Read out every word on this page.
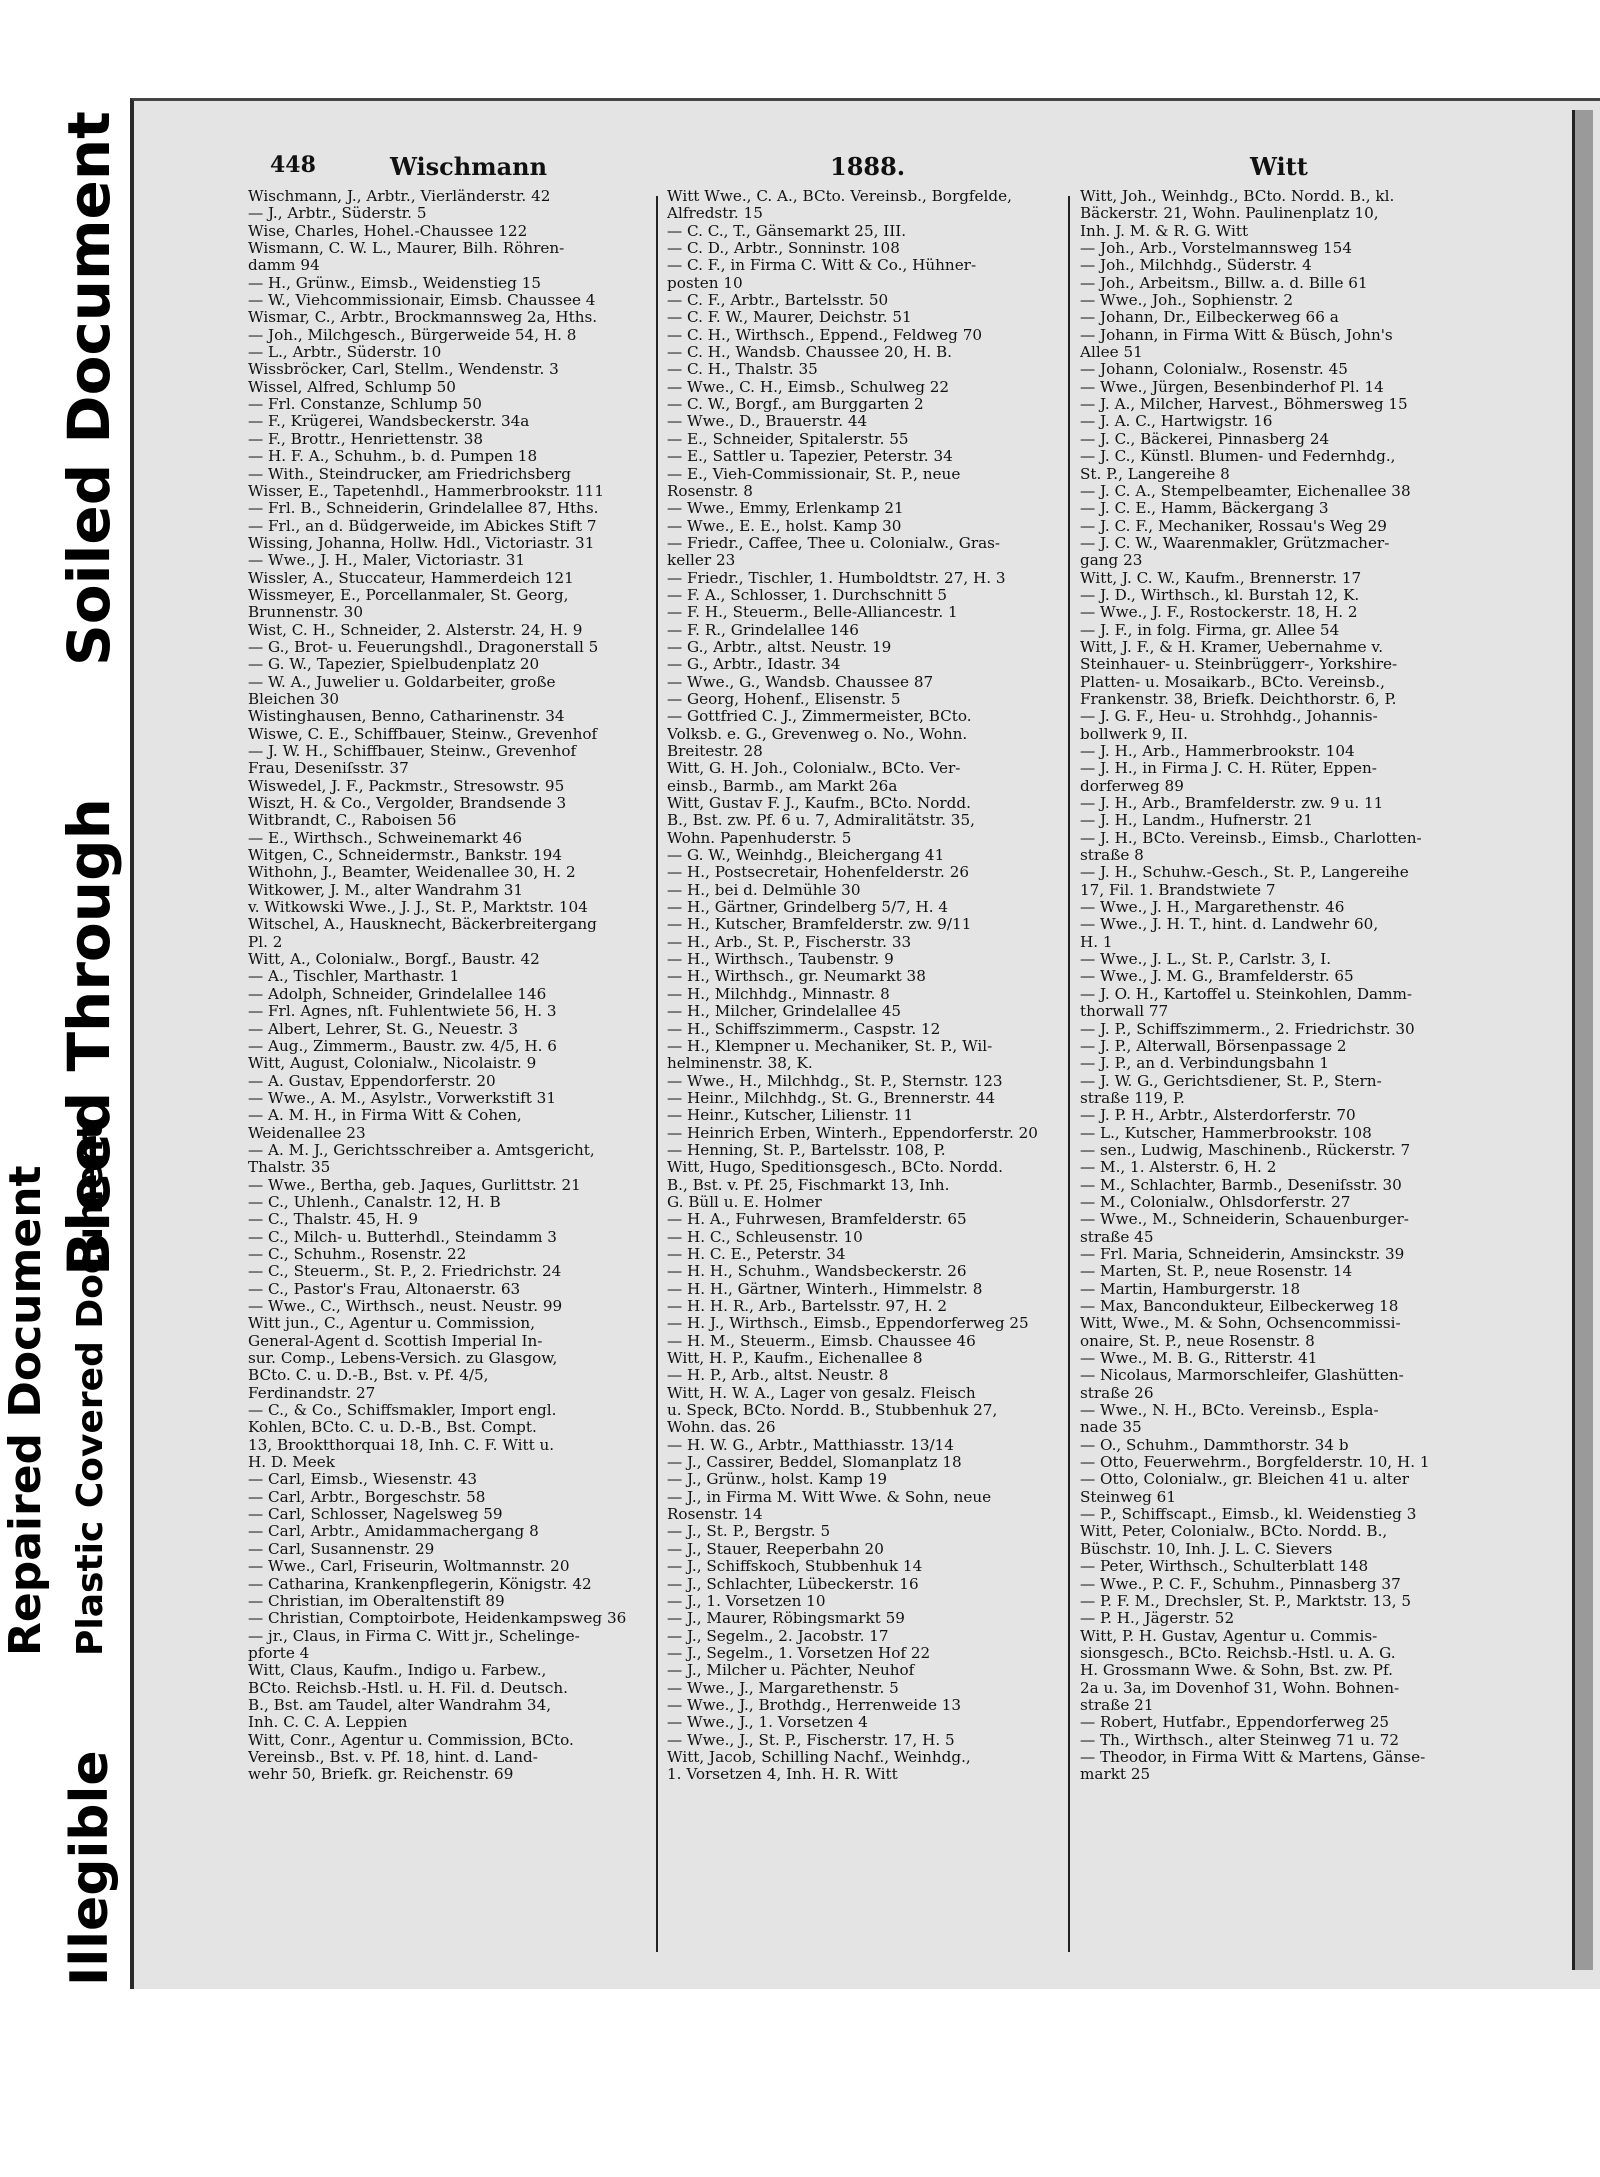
Illegible
Repaired Document Plastic Covered Document
Bleed Through
Soiled Document	448	Wischmann	1888.	Witt
Wischmann, J., Arbtr., Vierländerstr. 42
— J., Arbtr., Süderstr. 5
Wise, Charles, Hohel.-Chaussee 122
Wismann, C. W. L., Maurer, Bilh. Röhren-
damm 94
— H., Grünw., Eimsb., Weidenstieg 15
— W., Viehcommissionair, Eimsb. Chaussee 4
Wismar, C., Arbtr., Brockmannsweg 2a, Hths.
— Joh., Milchgesch., Bürgerweide 54, H. 8
— L., Arbtr., Süderstr. 10
Wissbröcker, Carl, Stellm., Wendenstr. 3
Wissel, Alfred, Schlump 50
— Frl. Constanze, Schlump 50
— F., Krügerei, Wandsbeckerstr. 34a
— F., Brottr., Henriettenstr. 38
— H. F. A., Schuhm., b. d. Pumpen 18
— With., Steindrucker, am Friedrichsberg
Wisser, E., Tapetenhdl., Hammerbrookstr. 111
— Frl. B., Schneiderin, Grindelallee 87, Hths.
— Frl., an d. Büdgerweide, im Abickes Stift 7
Wissing, Johanna, Hollw. Hdl., Victoriastr. 31
— Wwe., J. H., Maler, Victoriastr. 31
Wissler, A., Stuccateur, Hammerdeich 121
Wissmeyer, E., Porcellanmaler, St. Georg,
Brunnenstr. 30
Wist, C. H., Schneider, 2. Alsterstr. 24, H. 9
— G., Brot- u. Feuerungshdl., Dragonerstall 5
— G. W., Tapezier, Spielbudenplatz 20
— W. A., Juwelier u. Goldarbeiter, große
Bleichen 30
Wistinghausen, Benno, Catharinenstr. 34
Wiswe, C. E., Schiffbauer, Steinw., Grevenhof
— J. W. H., Schiffbauer, Steinw., Grevenhof
Frau, Deseniſsstr. 37
Wiswedel, J. F., Packmstr., Stresowstr. 95
Wiszt, H. & Co., Vergolder, Brandsende 3
Witbrandt, C., Raboisen 56
— E., Wirthsch., Schweinemarkt 46
Witgen, C., Schneidermstr., Bankstr. 194
Withohn, J., Beamter, Weidenallee 30, H. 2
Witkower, J. M., alter Wandrahm 31
v. Witkowski Wwe., J. J., St. P., Marktstr. 104
Witschel, A., Hausknecht, Bäckerbreitergang
Pl. 2
Witt, A., Colonialw., Borgf., Baustr. 42
— A., Tischler, Marthastr. 1
— Adolph, Schneider, Grindelallee 146
— Frl. Agnes, nſt. Fuhlentwiete 56, H. 3
— Albert, Lehrer, St. G., Neuestr. 3
— Aug., Zimmerm., Baustr. zw. 4/5, H. 6
Witt, August, Colonialw., Nicolaistr. 9
— A. Gustav, Eppendorferstr. 20
— Wwe., A. M., Asylstr., Vorwerkstift 31
— A. M. H., in Firma Witt & Cohen,
Weidenallee 23
— A. M. J., Gerichtsschreiber a. Amtsgericht,
Thalstr. 35
— Wwe., Bertha, geb. Jaques, Gurlittstr. 21
— C., Uhlenh., Canalstr. 12, H. B
— C., Thalstr. 45, H. 9
— C., Milch- u. Butterhdl., Steindamm 3
— C., Schuhm., Rosenstr. 22
— C., Steuerm., St. P., 2. Friedrichstr. 24
— C., Pastor's Frau, Altonaerstr. 63
— Wwe., C., Wirthsch., neust. Neustr. 99
Witt jun., C., Agentur u. Commission,
General-Agent d. Scottish Imperial In-
sur. Comp., Lebens-Versich. zu Glasgow,
BCto. C. u. D.-B., Bst. v. Pf. 4/5,
Ferdinandstr. 27
— C., & Co., Schiffsmakler, Import engl.
Kohlen, BCto. C. u. D.-B., Bst. Compt.
13, Brooktthorquai 18, Inh. C. F. Witt u.
H. D. Meek
— Carl, Eimsb., Wiesenstr. 43
— Carl, Arbtr., Borgeschstr. 58
— Carl, Schlosser, Nagelsweg 59
— Carl, Arbtr., Amidammachergang 8
— Carl, Susannenstr. 29
— Wwe., Carl, Friseurin, Woltmannstr. 20
— Catharina, Krankenpflegerin, Königstr. 42
— Christian, im Oberaltenstift 89
— Christian, Comptoirbote, Heidenkampsweg 36
— jr., Claus, in Firma C. Witt jr., Schelinge-
pforte 4
Witt, Claus, Kaufm., Indigo u. Farbew.,
BCto. Reichsb.-Hstl. u. H. Fil. d. Deutsch.
B., Bst. am Taudel, alter Wandrahm 34,
Inh. C. C. A. Leppien
Witt, Conr., Agentur u. Commission, BCto.
Vereinsb., Bst. v. Pf. 18, hint. d. Land-
wehr 50, Briefk. gr. Reichenstr. 69
Witt Wwe., C. A., BCto. Vereinsb., Borgfelde,
Alfredstr. 15
— C. C., T., Gänsemarkt 25, III.
— C. D., Arbtr., Sonninstr. 108
— C. F., in Firma C. Witt & Co., Hühner-
posten 10
— C. F., Arbtr., Bartelsstr. 50
— C. F. W., Maurer, Deichstr. 51
— C. H., Wirthsch., Eppend., Feldweg 70
— C. H., Wandsb. Chaussee 20, H. B.
— C. H., Thalstr. 35
— Wwe., C. H., Eimsb., Schulweg 22
— C. W., Borgf., am Burggarten 2
— Wwe., D., Brauerstr. 44
— E., Schneider, Spitalerstr. 55
— E., Sattler u. Tapezier, Peterstr. 34
— E., Vieh-Commissionair, St. P., neue
Rosenstr. 8
— Wwe., Emmy, Erlenkamp 21
— Wwe., E. E., holst. Kamp 30
— Friedr., Caffee, Thee u. Colonialw., Gras-
keller 23
— Friedr., Tischler, 1. Humboldtstr. 27, H. 3
— F. A., Schlosser, 1. Durchschnitt 5
— F. H., Steuerm., Belle-Alliancestr. 1
— F. R., Grindelallee 146
— G., Arbtr., altst. Neustr. 19
— G., Arbtr., Idastr. 34
— Wwe., G., Wandsb. Chaussee 87
— Georg, Hohenf., Elisenstr. 5
— Gottfried C. J., Zimmermeister, BCto.
Volksb. e. G., Grevenweg o. No., Wohn.
Breitestr. 28
Witt, G. H. Joh., Colonialw., BCto. Ver-
einsb., Barmb., am Markt 26a
Witt, Gustav F. J., Kaufm., BCto. Nordd.
B., Bst. zw. Pf. 6 u. 7, Admiralitätstr. 35,
Wohn. Papenhuderstr. 5
— G. W., Weinhdg., Bleichergang 41
— H., Postsecretair, Hohenfelderstr. 26
— H., bei d. Delmühle 30
— H., Gärtner, Grindelberg 5/7, H. 4
— H., Kutscher, Bramfelderstr. zw. 9/11
— H., Arb., St. P., Fischerstr. 33
— H., Wirthsch., Taubenstr. 9
— H., Wirthsch., gr. Neumarkt 38
— H., Milchhdg., Minnastr. 8
— H., Milcher, Grindelallee 45
— H., Schiffszimmerm., Caspstr. 12
— H., Klempner u. Mechaniker, St. P., Wil-
helminenstr. 38, K.
— Wwe., H., Milchhdg., St. P., Sternstr. 123
— Heinr., Milchhdg., St. G., Brennerstr. 44
— Heinr., Kutscher, Lilienstr. 11
— Heinrich Erben, Winterh., Eppendorferstr. 20
— Henning, St. P., Bartelsstr. 108, P.
Witt, Hugo, Speditionsgesch., BCto. Nordd.
B., Bst. v. Pf. 25, Fischmarkt 13, Inh.
G. Büll u. E. Holmer
— H. A., Fuhrwesen, Bramfelderstr. 65
— H. C., Schleusenstr. 10
— H. C. E., Peterstr. 34
— H. H., Schuhm., Wandsbeckerstr. 26
— H. H., Gärtner, Winterh., Himmelstr. 8
— H. H. R., Arb., Bartelsstr. 97, H. 2
— H. J., Wirthsch., Eimsb., Eppendorferweg 25
— H. M., Steuerm., Eimsb. Chaussee 46
Witt, H. P., Kaufm., Eichenallee 8
— H. P., Arb., altst. Neustr. 8
Witt, H. W. A., Lager von gesalz. Fleisch
u. Speck, BCto. Nordd. B., Stubbenhuk 27,
Wohn. das. 26
— H. W. G., Arbtr., Matthiasstr. 13/14
— J., Cassirer, Beddel, Slomanplatz 18
— J., Grünw., holst. Kamp 19
— J., in Firma M. Witt Wwe. & Sohn, neue
Rosenstr. 14
— J., St. P., Bergstr. 5
— J., Stauer, Reeperbahn 20
— J., Schiffskoch, Stubbenhuk 14
— J., Schlachter, Lübeckerstr. 16
— J., 1. Vorsetzen 10
— J., Maurer, Röbingsmarkt 59
— J., Segelm., 2. Jacobstr. 17
— J., Segelm., 1. Vorsetzen Hof 22
— J., Milcher u. Pächter, Neuhof
— Wwe., J., Margarethenstr. 5
— Wwe., J., Brothdg., Herrenweide 13
— Wwe., J., 1. Vorsetzen 4
— Wwe., J., St. P., Fischerstr. 17, H. 5
Witt, Jacob, Schilling Nachf., Weinhdg.,
1. Vorsetzen 4, Inh. H. R. Witt
Witt, Joh., Weinhdg., BCto. Nordd. B., kl.
Bäckerstr. 21, Wohn. Paulinenplatz 10,
Inh. J. M. & R. G. Witt
— Joh., Arb., Vorstelmannsweg 154
— Joh., Milchhdg., Süderstr. 4
— Joh., Arbeitsm., Billw. a. d. Bille 61
— Wwe., Joh., Sophienstr. 2
— Johann, Dr., Eilbeckerweg 66 a
— Johann, in Firma Witt & Büsch, John's
Allee 51
— Johann, Colonialw., Rosenstr. 45
— Wwe., Jürgen, Besenbinderhof Pl. 14
— J. A., Milcher, Harvest., Böhmersweg 15
— J. A. C., Hartwigstr. 16
— J. C., Bäckerei, Pinnasberg 24
— J. C., Künstl. Blumen- und Federnhdg.,
St. P., Langereihe 8
— J. C. A., Stempelbeamter, Eichenallee 38
— J. C. E., Hamm, Bäckergang 3
— J. C. F., Mechaniker, Rossau's Weg 29
— J. C. W., Waarenmakler, Grützmacher-
gang 23
Witt, J. C. W., Kaufm., Brennerstr. 17
— J. D., Wirthsch., kl. Burstah 12, K.
— Wwe., J. F., Rostockerstr. 18, H. 2
— J. F., in folg. Firma, gr. Allee 54
Witt, J. F., & H. Kramer, Uebernahme v.
Steinhauer- u. Steinbrüggerr-, Yorkshire-
Platten- u. Mosaikarb., BCto. Vereinsb.,
Frankenstr. 38, Briefk. Deichthorstr. 6, P.
— J. G. F., Heu- u. Strohhdg., Johannis-
bollwerk 9, II.
— J. H., Arb., Hammerbrookstr. 104
— J. H., in Firma J. C. H. Rüter, Eppen-
dorferweg 89
— J. H., Arb., Bramfelderstr. zw. 9 u. 11
— J. H., Landm., Hufnerstr. 21
— J. H., BCto. Vereinsb., Eimsb., Charlotten-
straße 8
— J. H., Schuhw.-Gesch., St. P., Langereihe
17, Fil. 1. Brandstwiete 7
— Wwe., J. H., Margarethenstr. 46
— Wwe., J. H. T., hint. d. Landwehr 60,
H. 1
— Wwe., J. L., St. P., Carlstr. 3, I.
— Wwe., J. M. G., Bramfelderstr. 65
— J. O. H., Kartoffel u. Steinkohlen, Damm-
thorwall 77
— J. P., Schiffszimmerm., 2. Friedrichstr. 30
— J. P., Alterwall, Börsenpassage 2
— J. P., an d. Verbindungsbahn 1
— J. W. G., Gerichtsdiener, St. P., Stern-
straße 119, P.
— J. P. H., Arbtr., Alsterdorferstr. 70
— L., Kutscher, Hammerbrookstr. 108
— sen., Ludwig, Maschinenb., Rückerstr. 7
— M., 1. Alsterstr. 6, H. 2
— M., Schlachter, Barmb., Deseniſsstr. 30
— M., Colonialw., Ohlsdorferstr. 27
— Wwe., M., Schneiderin, Schauenburger-
straße 45
— Frl. Maria, Schneiderin, Amsinckstr. 39
— Marten, St. P., neue Rosenstr. 14
— Martin, Hamburgerstr. 18
— Max, Bancondukteur, Eilbeckerweg 18
Witt, Wwe., M. & Sohn, Ochsencommissi-
onaire, St. P., neue Rosenstr. 8
— Wwe., M. B. G., Ritterstr. 41
— Nicolaus, Marmorschleifer, Glashütten-
straße 26
— Wwe., N. H., BCto. Vereinsb., Espla-
nade 35
— O., Schuhm., Dammthorstr. 34 b
— Otto, Feuerwehrm., Borgfelderstr. 10, H. 1
— Otto, Colonialw., gr. Bleichen 41 u. alter
Steinweg 61
— P., Schiffscapt., Eimsb., kl. Weidenstieg 3
Witt, Peter, Colonialw., BCto. Nordd. B.,
Büschstr. 10, Inh. J. L. C. Sievers
— Peter, Wirthsch., Schulterblatt 148
— Wwe., P. C. F., Schuhm., Pinnasberg 37
— P. F. M., Drechsler, St. P., Marktstr. 13, 5
— P. H., Jägerstr. 52
Witt, P. H. Gustav, Agentur u. Commis-
sionsgesch., BCto. Reichsb.-Hstl. u. A. G.
H. Grossmann Wwe. & Sohn, Bst. zw. Pf.
2a u. 3a, im Dovenhof 31, Wohn. Bohnen-
straße 21
— Robert, Hutfabr., Eppendorferweg 25
— Th., Wirthsch., alter Steinweg 71 u. 72
— Theodor, in Firma Witt & Martens, Gänse-
markt 25
